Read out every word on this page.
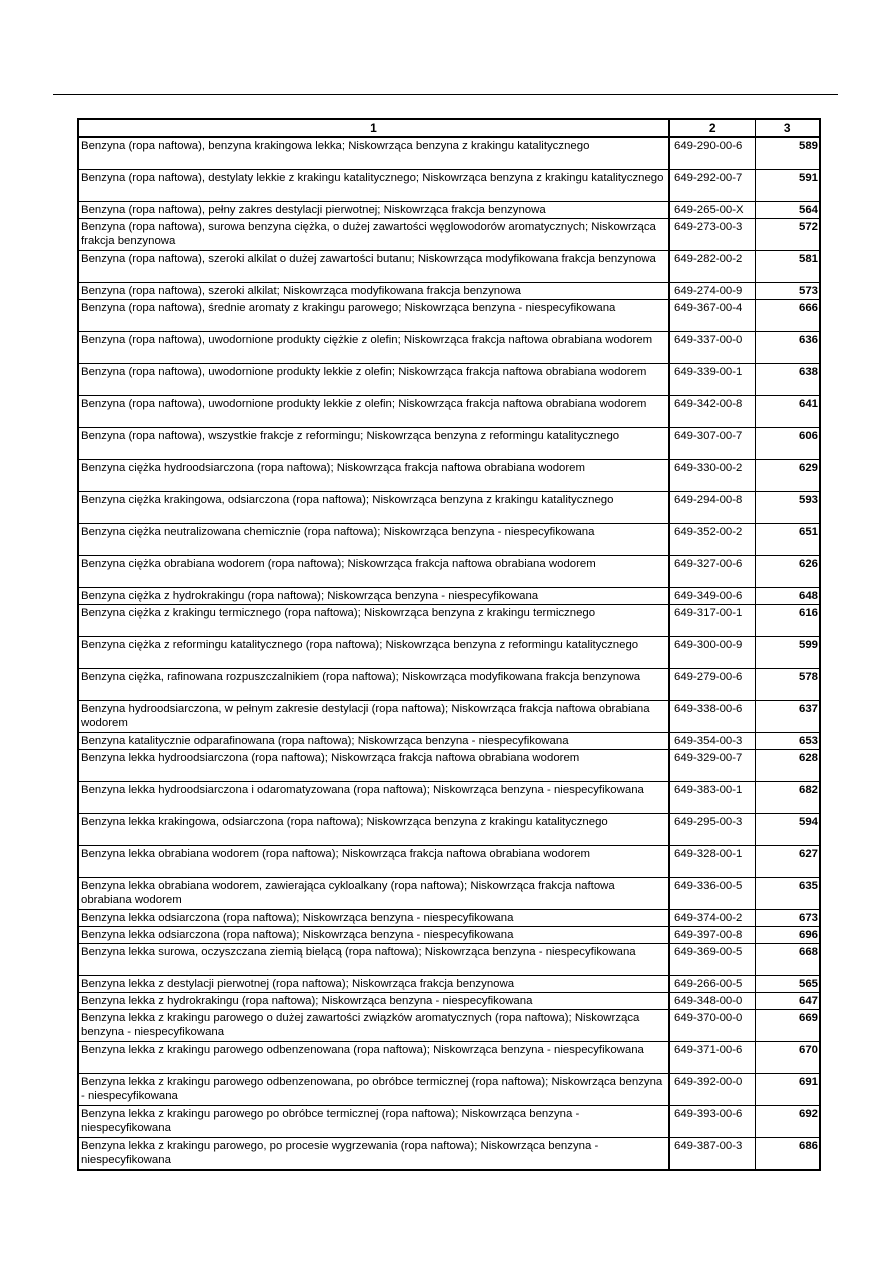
1	2	3
Benzyna (ropa naftowa), benzyna krakingowa lekka; Niskowrząca benzyna z krakingu katalitycznego	649-290-00-6	589
Benzyna (ropa naftowa), destylaty lekkie z krakingu katalitycznego; Niskowrząca benzyna z krakingu katalitycznego	649-292-00-7	591
Benzyna (ropa naftowa), pełny zakres destylacji pierwotnej; Niskowrząca frakcja benzynowa	649-265-00-X	564
Benzyna (ropa naftowa), surowa benzyna ciężka, o dużej zawartości węglowodorów aromatycznych; Niskowrząca frakcja benzynowa	649-273-00-3	572
Benzyna (ropa naftowa), szeroki alkilat o dużej zawartości butanu; Niskowrząca modyfikowana frakcja benzynowa	649-282-00-2	581
Benzyna (ropa naftowa), szeroki alkilat; Niskowrząca modyfikowana frakcja benzynowa	649-274-00-9	573
Benzyna (ropa naftowa), średnie aromaty z krakingu parowego; Niskowrząca benzyna - niespecyfikowana	649-367-00-4	666
Benzyna (ropa naftowa), uwodornione produkty ciężkie z olefin; Niskowrząca frakcja naftowa obrabiana wodorem	649-337-00-0	636
Benzyna (ropa naftowa), uwodornione produkty lekkie z olefin; Niskowrząca frakcja naftowa obrabiana wodorem	649-339-00-1	638
Benzyna (ropa naftowa), uwodornione produkty lekkie z olefin; Niskowrząca frakcja naftowa obrabiana wodorem	649-342-00-8	641
Benzyna (ropa naftowa), wszystkie frakcje z reformingu; Niskowrząca benzyna z reformingu katalitycznego	649-307-00-7	606
Benzyna ciężka hydroodsiarczona (ropa naftowa); Niskowrząca frakcja naftowa obrabiana wodorem	649-330-00-2	629
Benzyna ciężka krakingowa, odsiarczona (ropa naftowa); Niskowrząca benzyna z krakingu katalitycznego	649-294-00-8	593
Benzyna ciężka neutralizowana chemicznie (ropa naftowa); Niskowrząca benzyna - niespecyfikowana	649-352-00-2	651
Benzyna ciężka obrabiana wodorem (ropa naftowa); Niskowrząca frakcja naftowa obrabiana wodorem	649-327-00-6	626
Benzyna ciężka z hydrokrakingu (ropa naftowa); Niskowrząca benzyna - niespecyfikowana	649-349-00-6	648
Benzyna ciężka z krakingu termicznego (ropa naftowa); Niskowrząca benzyna z krakingu termicznego	649-317-00-1	616
Benzyna ciężka z reformingu katalitycznego (ropa naftowa); Niskowrząca benzyna z reformingu katalitycznego	649-300-00-9	599
Benzyna ciężka, rafinowana rozpuszczalnikiem (ropa naftowa); Niskowrząca modyfikowana frakcja benzynowa	649-279-00-6	578
Benzyna hydroodsiarczona, w pełnym zakresie destylacji (ropa naftowa); Niskowrząca frakcja naftowa obrabiana wodorem	649-338-00-6	637
Benzyna katalitycznie odparafinowana (ropa naftowa); Niskowrząca benzyna - niespecyfikowana	649-354-00-3	653
Benzyna lekka hydroodsiarczona (ropa naftowa); Niskowrząca frakcja naftowa obrabiana wodorem	649-329-00-7	628
Benzyna lekka hydroodsiarczona i odaromatyzowana (ropa naftowa); Niskowrząca benzyna - niespecyfikowana	649-383-00-1	682
Benzyna lekka krakingowa, odsiarczona (ropa naftowa); Niskowrząca benzyna z krakingu katalitycznego	649-295-00-3	594
Benzyna lekka obrabiana wodorem (ropa naftowa); Niskowrząca frakcja naftowa obrabiana wodorem	649-328-00-1	627
Benzyna lekka obrabiana wodorem, zawierająca cykloalkany (ropa naftowa); Niskowrząca frakcja naftowa obrabiana wodorem	649-336-00-5	635
Benzyna lekka odsiarczona (ropa naftowa); Niskowrząca benzyna - niespecyfikowana	649-374-00-2	673
Benzyna lekka odsiarczona (ropa naftowa); Niskowrząca benzyna - niespecyfikowana	649-397-00-8	696
Benzyna lekka surowa, oczyszczana ziemią bielącą (ropa naftowa); Niskowrząca benzyna - niespecyfikowana	649-369-00-5	668
Benzyna lekka z destylacji pierwotnej (ropa naftowa); Niskowrząca frakcja benzynowa	649-266-00-5	565
Benzyna lekka z hydrokrakingu (ropa naftowa); Niskowrząca benzyna - niespecyfikowana	649-348-00-0	647
Benzyna lekka z krakingu parowego o dużej zawartości związków aromatycznych (ropa naftowa); Niskowrząca benzyna - niespecyfikowana	649-370-00-0	669
Benzyna lekka z krakingu parowego odbenzenowana (ropa naftowa); Niskowrząca benzyna - niespecyfikowana	649-371-00-6	670
Benzyna lekka z krakingu parowego odbenzenowana, po obróbce termicznej (ropa naftowa); Niskowrząca benzyna - niespecyfikowana	649-392-00-0	691
Benzyna lekka z krakingu parowego po obróbce termicznej (ropa naftowa); Niskowrząca benzyna - niespecyfikowana	649-393-00-6	692
Benzyna lekka z krakingu parowego, po procesie wygrzewania (ropa naftowa); Niskowrząca benzyna - niespecyfikowana	649-387-00-3	686
